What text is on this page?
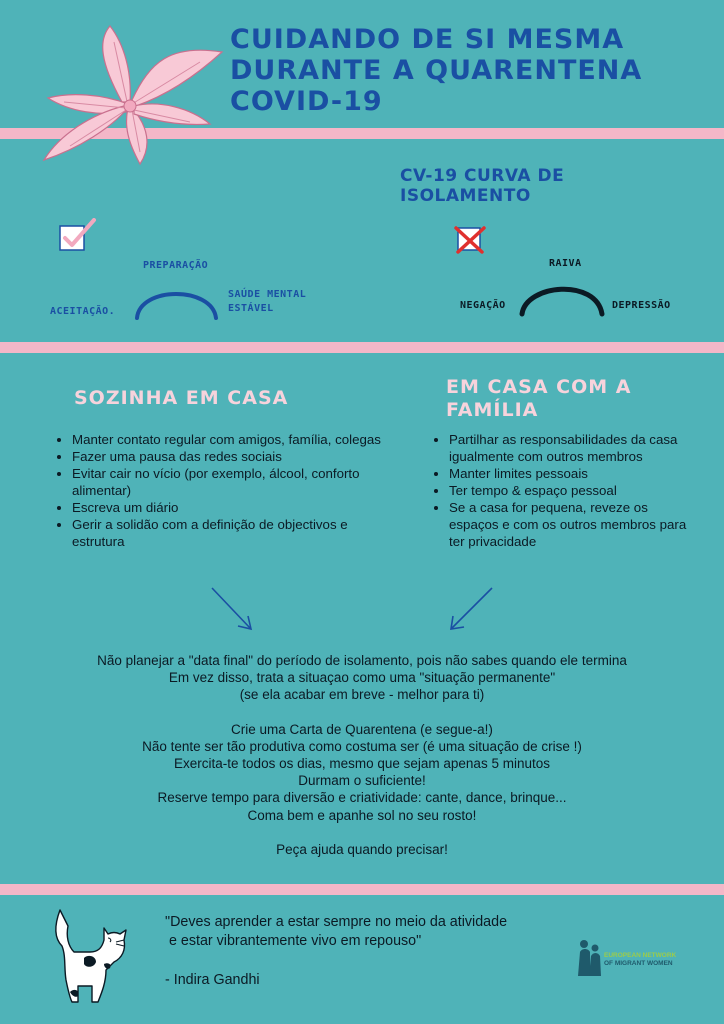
CUIDANDO DE SI MESMA
DURANTE A QUARENTENA
COVID-19
CV-19 CURVA DE ISOLAMENTO
PREPARAÇÃO
ACEITAÇÃO.
SAÚDE MENTAL
ESTÁVEL
RAIVA
NEGAÇÃO	DEPRESSÃO
SOZINHA EM CASA
• Manter contato regular com amigos, família, colegas
• Fazer uma pausa das redes sociais
• Evitar cair no vício (por exemplo, álcool, conforto alimentar)
• Escreva um diário
• Gerir a solidão com a definição de objectivos e estrutura
EM CASA COM A FAMÍLIA
• Partilhar as responsabilidades da casa igualmente com outros membros
• Manter limites pessoais
• Ter tempo & espaço pessoal
• Se a casa for pequena, reveze os espaços e com os outros membros para ter privacidade

Não planejar a "data final" do período de isolamento, pois não sabes quando ele termina

Em vez disso, trata a situaçao como uma "situação permanente"

(se ela acabar em breve - melhor para ti)

Crie uma Carta de Quarentena (e segue-a!)

Não tente ser tão produtiva como costuma ser (é uma situação de crise !)

Exercita-te todos os dias, mesmo que sejam apenas 5 minutos

Durmam o suficiente!

Reserve tempo para diversão e criatividade: cante, dance, brinque...

Coma bem e apanhe sol no seu rosto!

Peça ajuda quando precisar!

"Deves aprender a estar sempre no meio da atividade

e estar vibrantemente vivo em repouso"

- Indira Gandhi

EUROPEAN NETWORK
OF MIGRANT WOMEN
